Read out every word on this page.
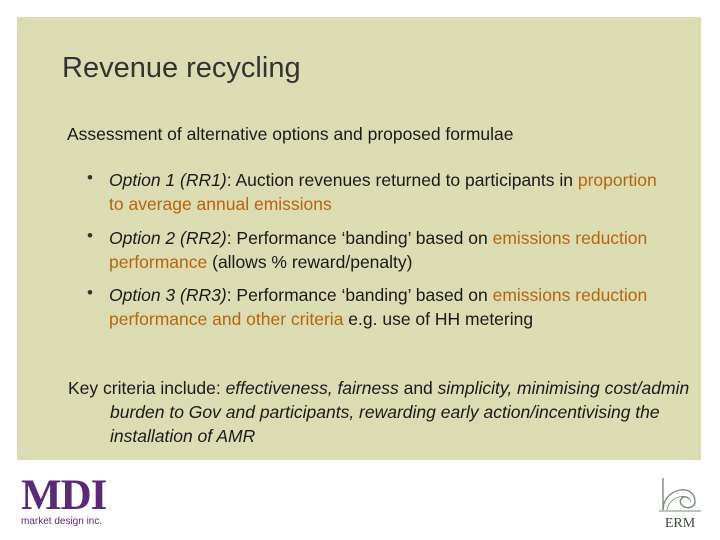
Revenue recycling
Assessment of alternative options and proposed formulae
• Option 1 (RR1): Auction revenues returned to participants in proportion to average annual emissions
• Option 2 (RR2): Performance ‘banding’ based on emissions reduction performance (allows % reward/penalty)
• Option 3 (RR3): Performance ‘banding’ based on emissions reduction performance and other criteria e.g. use of HH metering
Key criteria include: effectiveness, fairness and simplicity, minimising cost/admin burden to Gov and participants, rewarding early action/incentivising the installation of AMR
MDI
market design inc.	ERM
